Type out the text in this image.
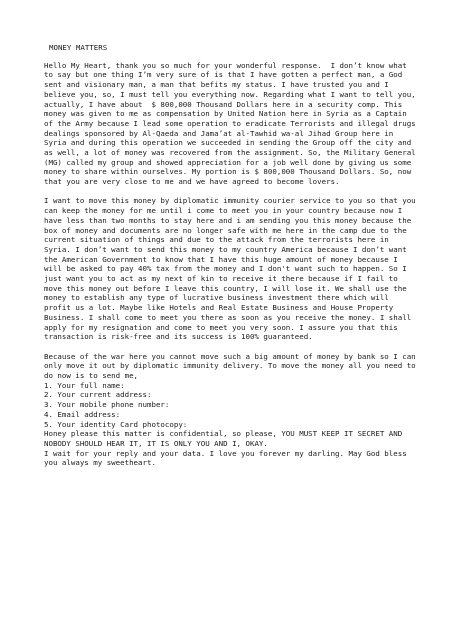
MONEY MATTERS
Hello My Heart, thank you so much for your wonderful response.  I don’t know what
to say but one thing I’m very sure of is that I have gotten a perfect man, a God
sent and visionary man, a man that befits my status. I have trusted you and I
believe you, so, I must tell you everything now. Regarding what I want to tell you,
actually, I have about  $ 800,000 Thousand Dollars here in a security comp. This
money was given to me as compensation by United Nation here in Syria as a Captain
of the Army because I lead some operation to eradicate Terrorists and illegal drugs
dealings sponsored by Al-Qaeda and Jama’at al-Tawhid wa-al Jihad Group here in
Syria and during this operation we succeeded in sending the Group off the city and
as well, a lot of money was recovered from the assignment. So, the Military General
(MG) called my group and showed appreciation for a job well done by giving us some
money to share within ourselves. My portion is $ 800,000 Thousand Dollars. So, now
that you are very close to me and we have agreed to become lovers.
I want to move this money by diplomatic immunity courier service to you so that you
can keep the money for me until i come to meet you in your country because now I
have less than two months to stay here and i am sending you this money because the
box of money and documents are no longer safe with me here in the camp due to the
current situation of things and due to the attack from the terrorists here in
Syria. I don’t want to send this money to my country America because I don’t want
the American Government to know that I have this huge amount of money because I
will be asked to pay 40% tax from the money and I don't want such to happen. So I
just want you to act as my next of kin to receive it there because if I fail to
move this money out before I leave this country, I will lose it. We shall use the
money to establish any type of lucrative business investment there which will
profit us a lot. Maybe like Hotels and Real Estate Business and House Property
Business. I shall come to meet you there as soon as you receive the money. I shall
apply for my resignation and come to meet you very soon. I assure you that this
transaction is risk-free and its success is 100% guaranteed.
Because of the war here you cannot move such a big amount of money by bank so I can
only move it out by diplomatic immunity delivery. To move the money all you need to
do now is to send me,
1. Your full name:
2. Your current address:
3. Your mobile phone number:
4. Email address:
5. Your identity Card photocopy:
Honey please this matter is confidential, so please, YOU MUST KEEP IT SECRET AND
NOBODY SHOULD HEAR IT, IT IS ONLY YOU AND I, OKAY.
I wait for your reply and your data. I love you forever my darling. May God bless
you always my sweetheart.
